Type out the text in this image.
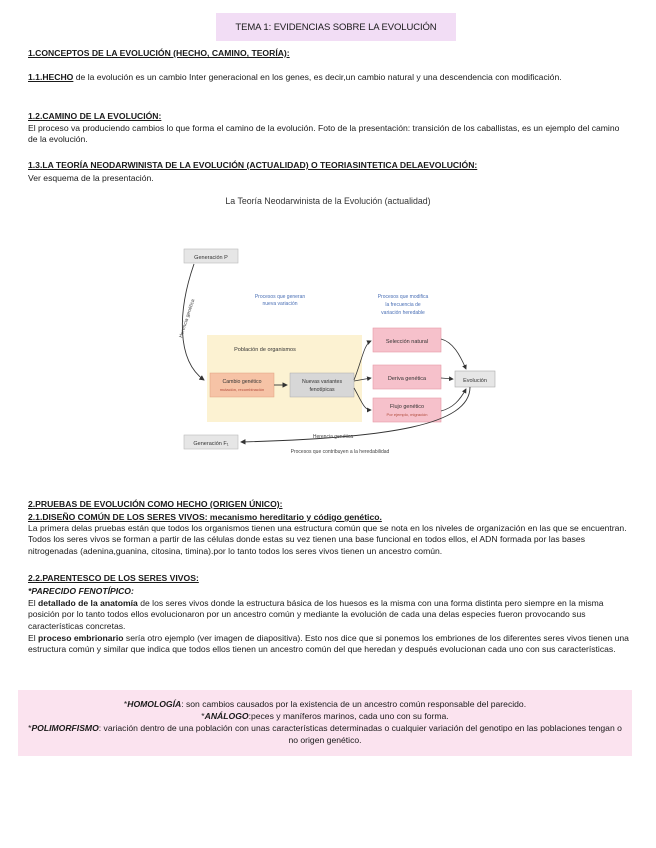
TEMA 1: EVIDENCIAS SOBRE LA EVOLUCIÓN
1.CONCEPTOS DE LA EVOLUCIÓN (HECHO, CAMINO, TEORÍA):
1.1.HECHO de la evolución es un cambio Inter generacional en los genes, es decir,un cambio natural y una descendencia con modificación.
1.2.CAMINO DE LA EVOLUCIÓN:
El proceso va produciendo cambios lo que forma el camino de la evolución. Foto de la presentación: transición de los caballistas, es un ejemplo del camino de la evolución.
1.3.LA TEORÍA NEODARWINISTA DE LA EVOLUCIÓN (ACTUALIDAD) O TEORIASINTETICA DELAEVOLUCIÓN:
Ver esquema de la presentación.
La Teoría Neodarwinista de la Evolución (actualidad)
Generación P
Herencia genética
Procesos que generan
nueva variación
Procesos que modifica
la frecuencia de
variación heredable
Población de organismos
Cambio genético
mutación, recombinación
Nuevas variantes
fenotípicas
Selección natural
Deriva genética
Flujo genético
Por ejemplo, migración
Evolución
Generación F₁
Herencia genética
Procesos que contribuyen a la heredabilidad
2.PRUEBAS DE EVOLUCIÓN COMO HECHO (ORIGEN ÚNICO):
2.1.DISEÑO COMÚN DE LOS SERES VIVOS: mecanismo hereditario y código genético.
La primera delas pruebas están que todos los organismos tienen una estructura común que se nota en los niveles de organización en las que se encuentran. Todos los seres vivos se forman a partir de las células donde estas su vez tienen una base funcional en todos ellos, el ADN formada por las bases nitrogenadas (adenina,guanina, citosina, timina).por lo tanto todos los seres vivos tienen un ancestro común.
2.2.PARENTESCO DE LOS SERES VIVOS:
*PARECIDO FENOTÍPICO:
El detallado de la anatomía de los seres vivos donde la estructura básica de los huesos es la misma con una forma distinta pero siempre en la misma posición por lo tanto todos ellos evolucionaron por un ancestro común y mediante la evolución de cada una delas especies fueron provocando sus características concretas.
El proceso embrionario sería otro ejemplo (ver imagen de diapositiva). Esto nos dice que si ponemos los embriones de los diferentes seres vivos tienen una estructura común y similar que indica que todos ellos tienen un ancestro común del que heredan y después evolucionan cada uno con sus características.
*HOMOLOGÍA: son cambios causados por la existencia de un ancestro común responsable del parecido.
*ANÁLOGO:peces y maníferos marinos, cada uno con su forma.
*POLIMORFISMO: variación dentro de una población con unas características determinadas o cualquier variación del genotipo en las poblaciones tengan o no origen genético.
